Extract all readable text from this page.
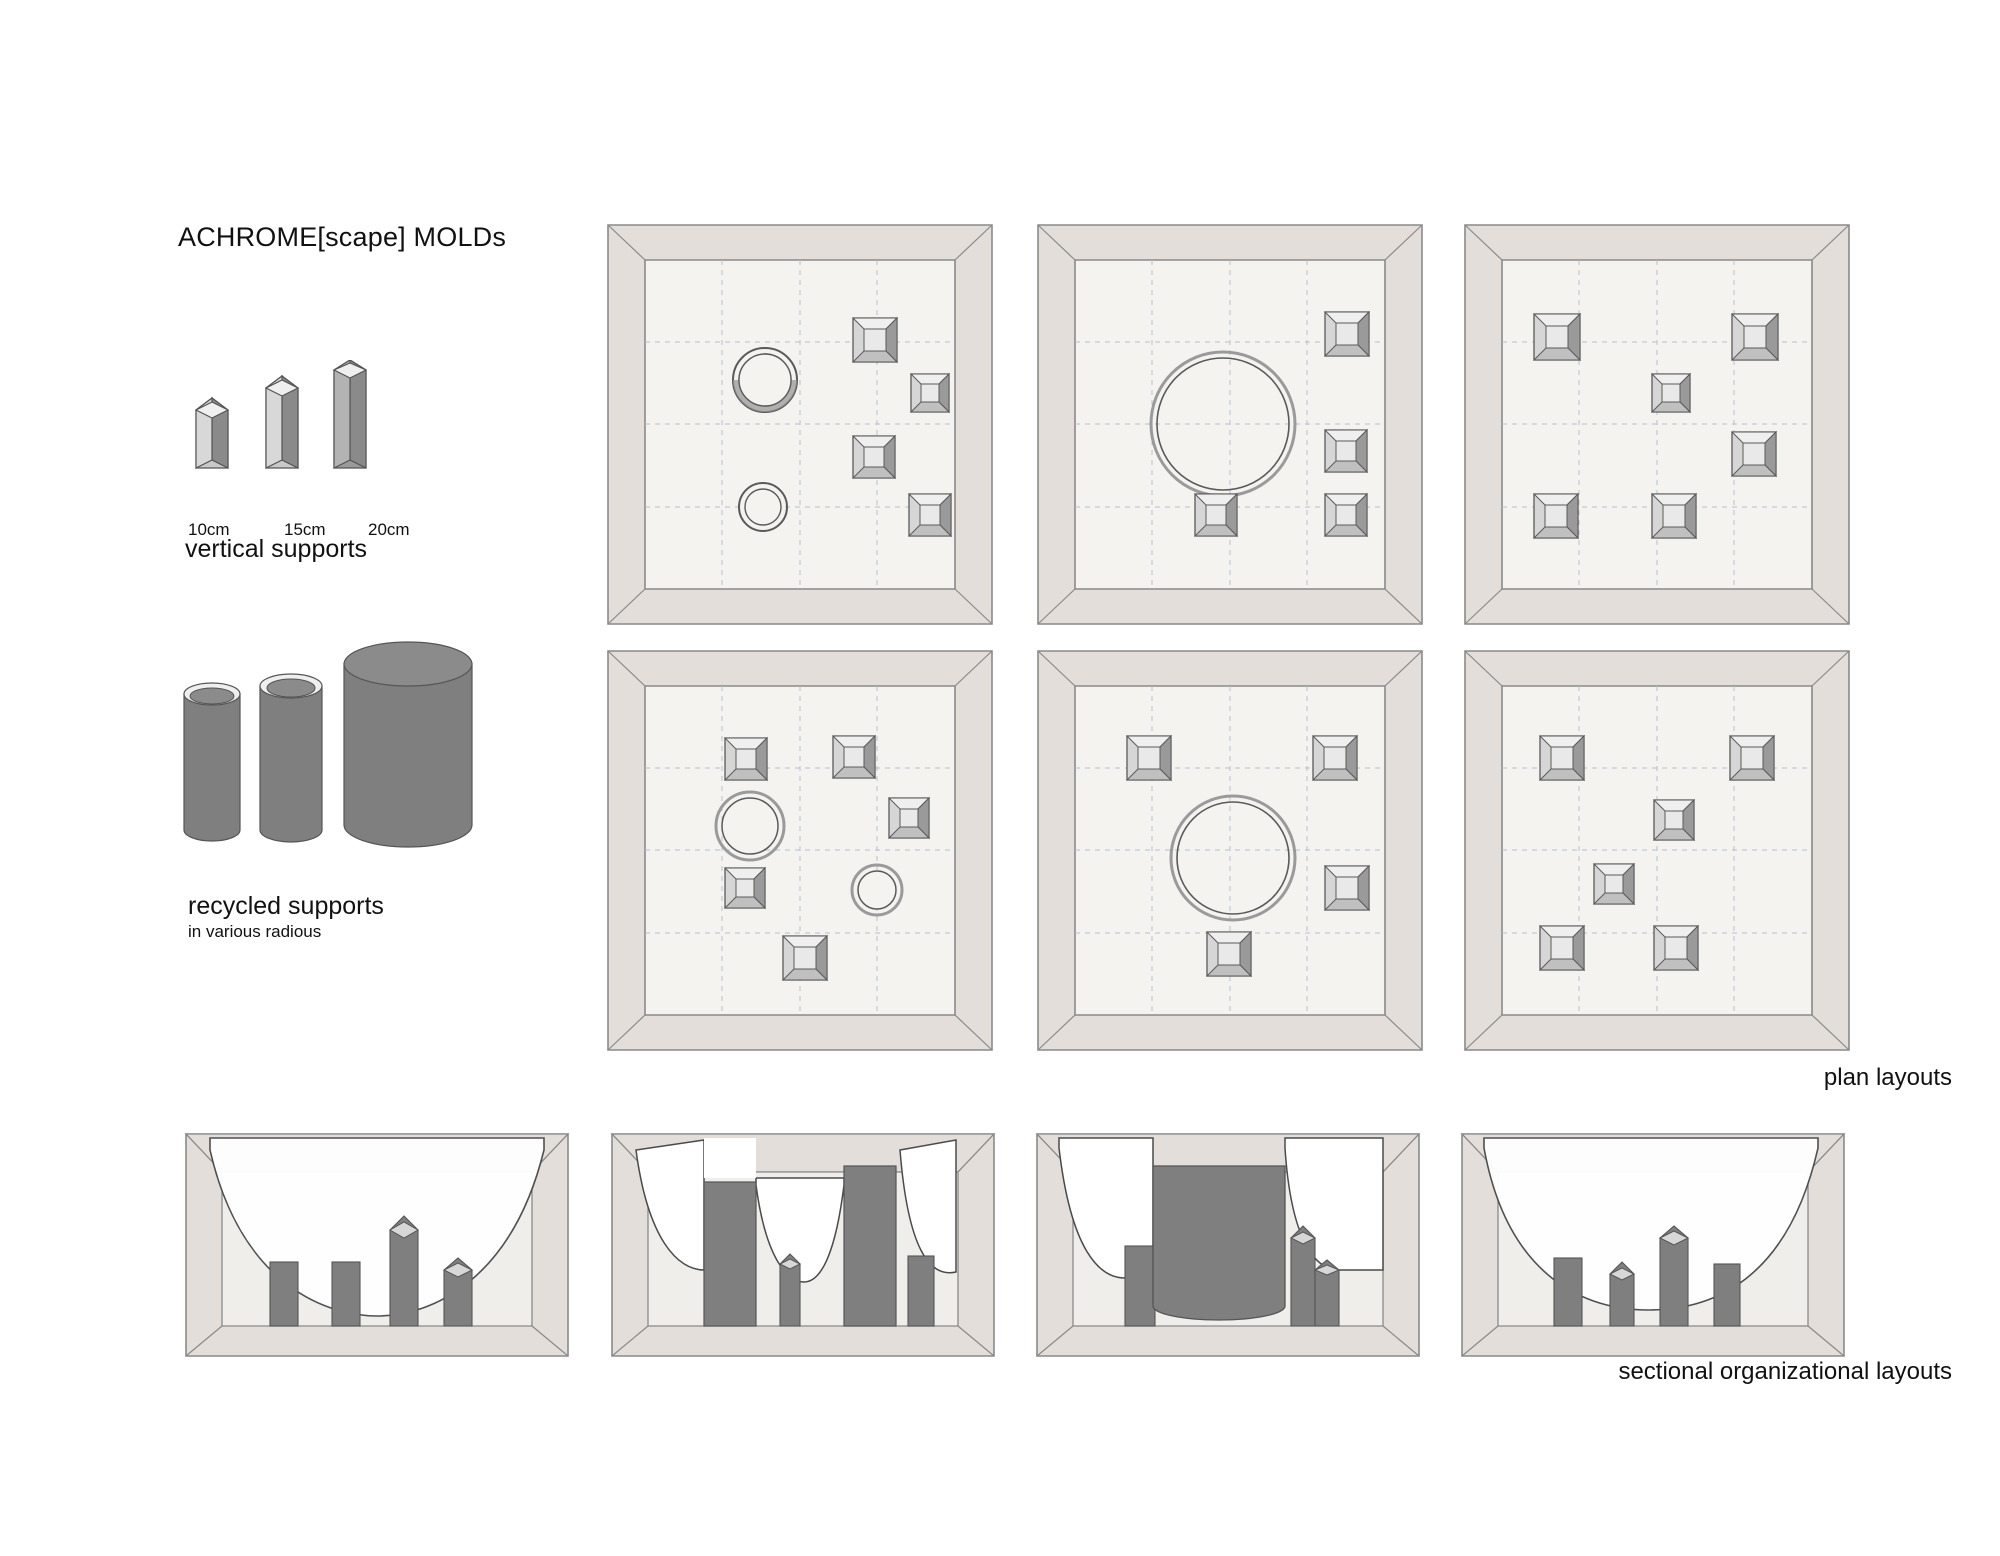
ACHROME[scape] MOLDs
10cm	15cm 20cm
vertical supports
recycled supports
in various radious
plan layouts
sectional organizational layouts
